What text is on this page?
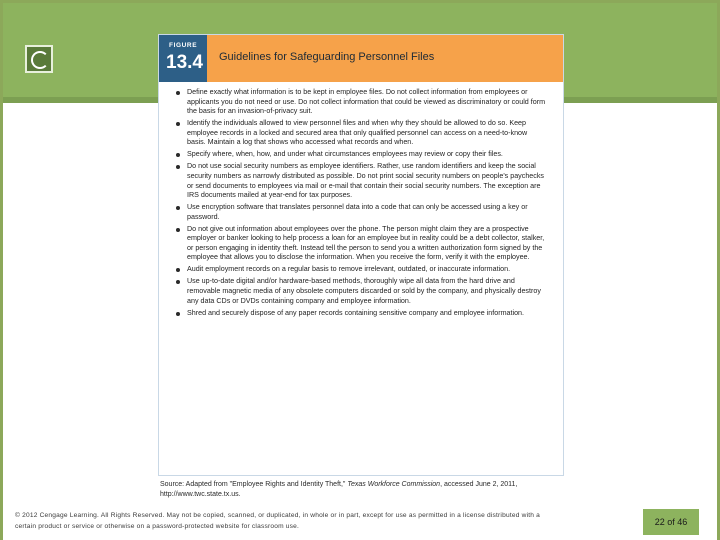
FIGURE
13.4 Guidelines for Safeguarding Personnel Files
Define exactly what information is to be kept in employee files. Do not collect information from employees or applicants you do not need or use. Do not collect information that could be viewed as discriminatory or could form the basis for an invasion-of-privacy suit.
Identify the individuals allowed to view personnel files and when why they should be allowed to do so. Keep employee records in a locked and secured area that only qualified personnel can access on a need-to-know basis. Maintain a log that shows who accessed what records and when.
Specify where, when, how, and under what circumstances employees may review or copy their files.
Do not use social security numbers as employee identifiers. Rather, use random identifiers and keep the social security numbers as narrowly distributed as possible. Do not print social security numbers on people's paychecks or send documents to employees via mail or e-mail that contain their social security numbers. The exception are IRS documents mailed at year-end for tax purposes.
Use encryption software that translates personnel data into a code that can only be accessed using a key or password.
Do not give out information about employees over the phone. The person might claim they are a prospective employer or banker looking to help process a loan for an employee but in reality could be a debt collector, stalker, or person engaging in identity theft. Instead tell the person to send you a written authorization form signed by the employee that allows you to disclose the information. When you receive the form, verify it with the employee.
Audit employment records on a regular basis to remove irrelevant, outdated, or inaccurate information.
Use up-to-date digital and/or hardware-based methods, thoroughly wipe all data from the hard drive and removable magnetic media of any obsolete computers discarded or sold by the company, and physically destroy any data CDs or DVDs containing company and employee information.
Shred and securely dispose of any paper records containing sensitive company and employee information.
Source: Adapted from "Employee Rights and Identity Theft," Texas Workforce Commission, accessed June 2, 2011, http://www.twc.state.tx.us.
© 2012 Cengage Learning. All Rights Reserved. May not be copied, scanned, or duplicated, in whole or in part, except for use as permitted in a license distributed with a certain product or service or otherwise on a password-protected website for classroom use.	22 of 46
